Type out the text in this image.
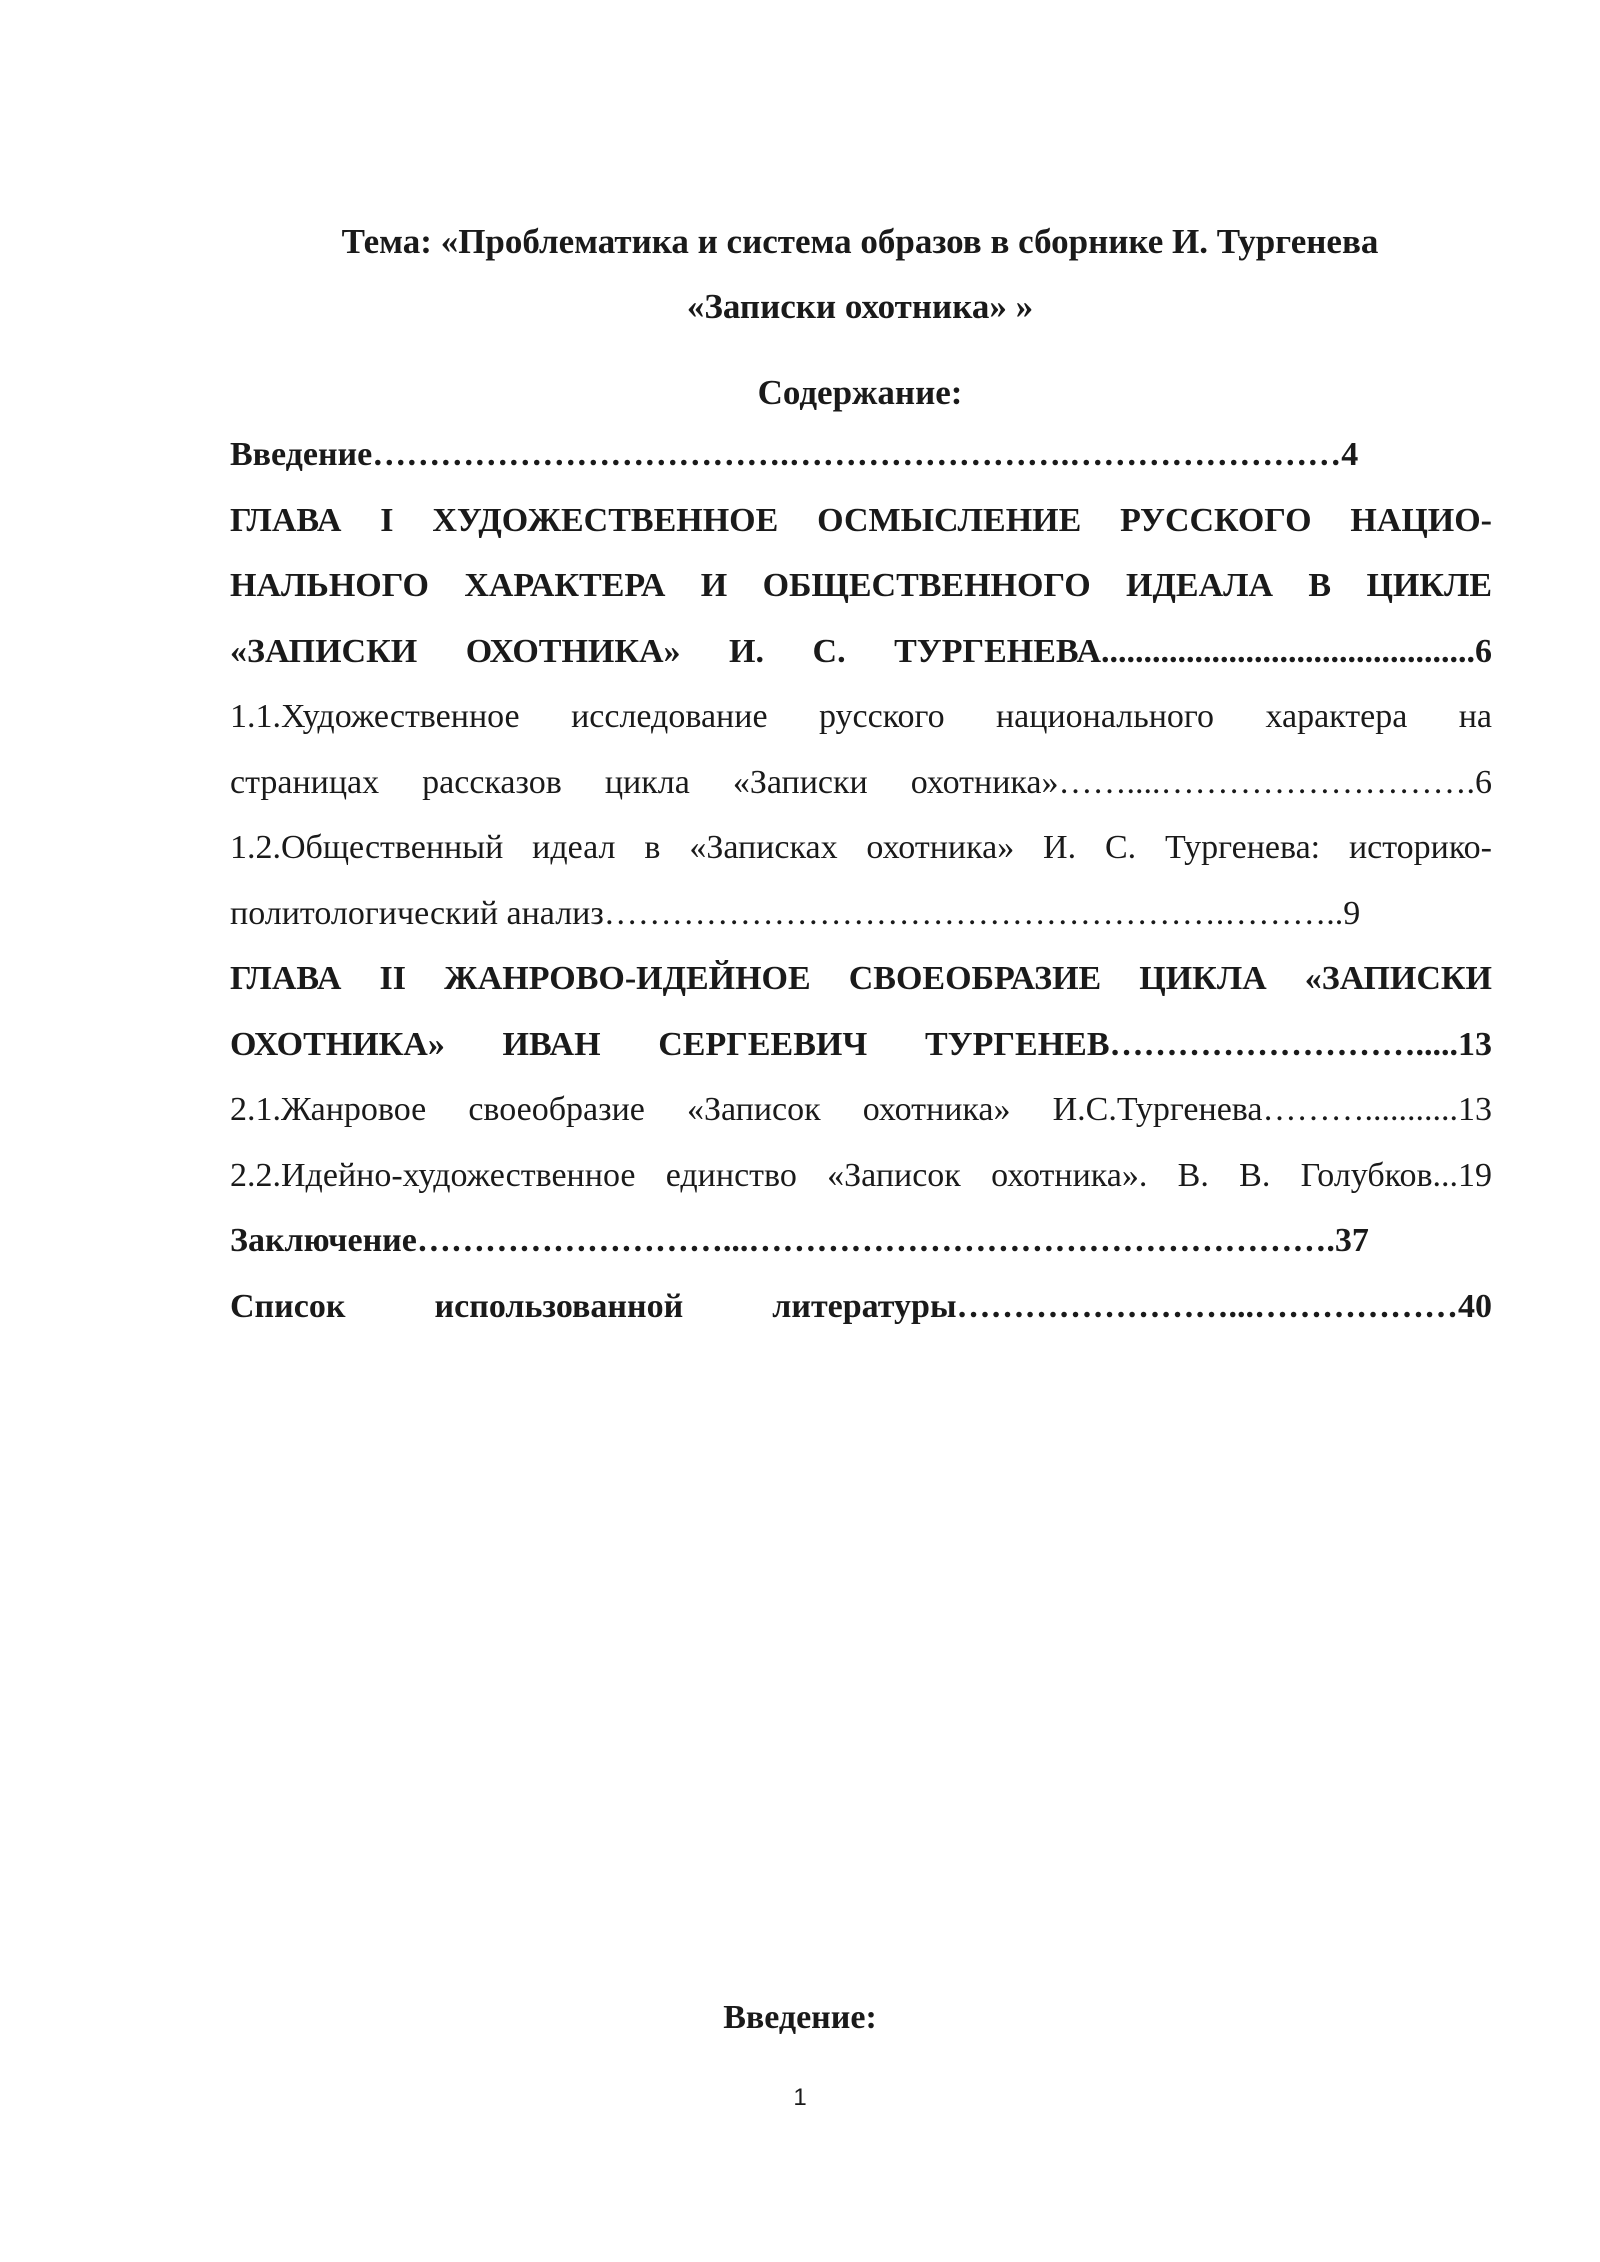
Тема: «Проблематика и система образов в сборнике И. Тургенева
«Записки охотника» »
Содержание:
Введение……………………………….…………………….……………………4
ГЛАВА I ХУДОЖЕСТВЕННОЕ ОСМЫСЛЕНИЕ РУССКОГО НАЦИО-
НАЛЬНОГО ХАРАКТЕРА И ОБЩЕСТВЕННОГО ИДЕАЛА В ЦИКЛЕ
«ЗАПИСКИ ОХОТНИКА» И. С. ТУРГЕНЕВА............................................6
1.1.Художественное исследование русского национального характера на
страницах рассказов цикла «Записки охотника»……....……………………….6
1.2.Общественный идеал в «Записках охотника» И. С. Тургенева: историко-
политологический анализ……………………………………………….………..9
ГЛАВА II ЖАНРОВО-ИДЕЙНОЕ СВОЕОБРАЗИЕ ЦИКЛА «ЗАПИСКИ
ОХОТНИКА» ИВАН СЕРГЕЕВИЧ ТУРГЕНЕВ……………………….....13
2.1.Жанровое своеобразие «Записок охотника» И.С.Тургенева………...........13
2.2.Идейно-художественное единство «Записок охотника». В. В. Голубков...19
Заключение………………………...…………………………………………….37
Список использованной литературы……………………...………………40
Введение:
1
